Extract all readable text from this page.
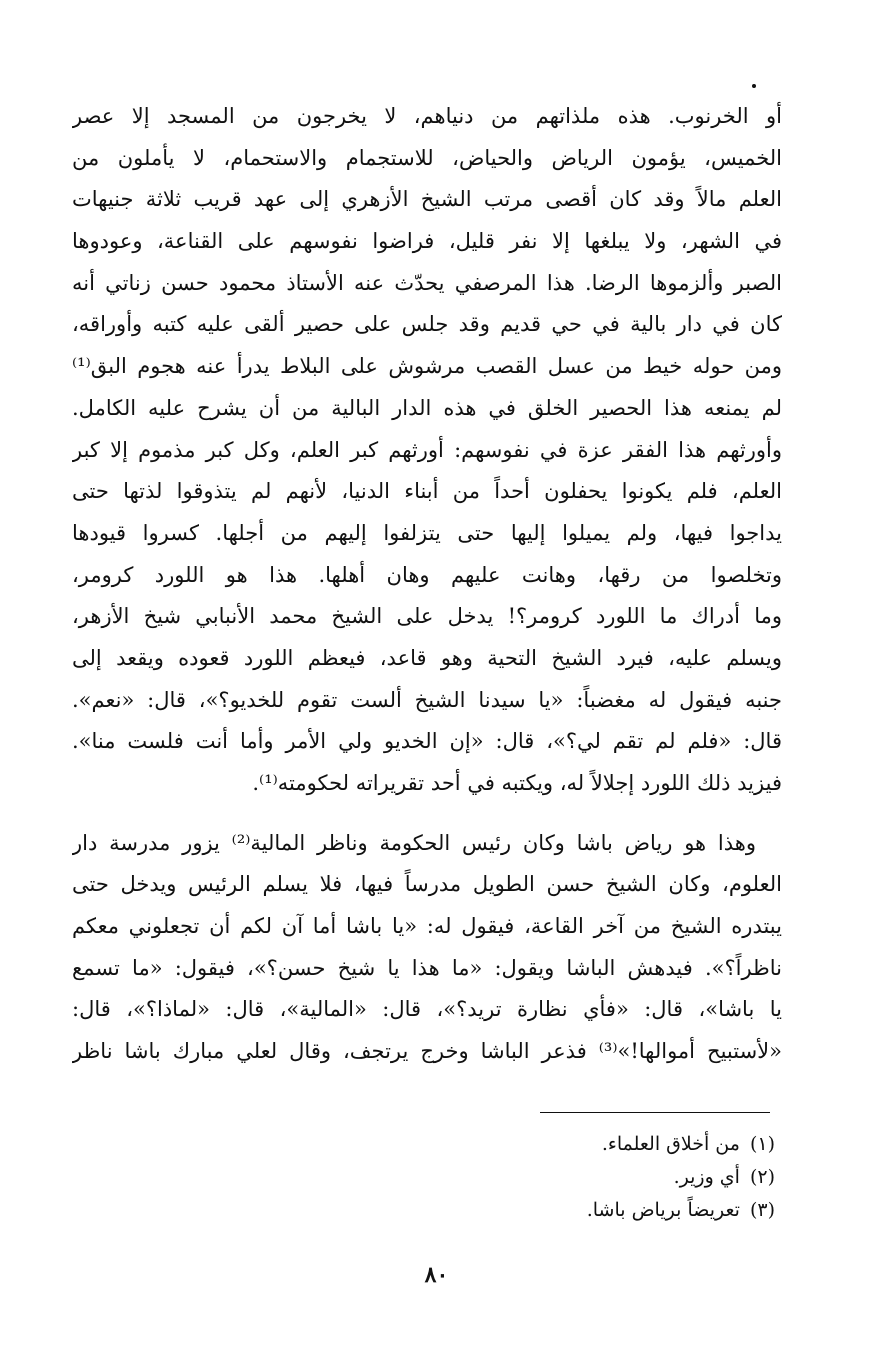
أو الخرنوب. هذه ملذاتهم من دنياهم، لا يخرجون من المسجد إلا عصر
الخميس، يؤمون الرياض والحياض، للاستجمام والاستحمام، لا يأملون من
العلم مالاً وقد كان أقصى مرتب الشيخ الأزهري إلى عهد قريب ثلاثة جنيهات
في الشهر، ولا يبلغها إلا نفر قليل، فراضوا نفوسهم على القناعة، وعودوها
الصبر وألزموها الرضا. هذا المرصفي يحدّث عنه الأستاذ محمود حسن زناتي أنه
كان في دار بالية في حي قديم وقد جلس على حصير ألقى عليه كتبه وأوراقه،
ومن حوله خيط من عسل القصب مرشوش على البلاط يدرأ عنه هجوم البق⁽¹⁾
لم يمنعه هذا الحصير الخلق في هذه الدار البالية من أن يشرح عليه الكامل.
وأورثهم هذا الفقر عزة في نفوسهم: أورثهم كبر العلم، وكل كبر مذموم إلا كبر
العلم، فلم يكونوا يحفلون أحداً من أبناء الدنيا، لأنهم لم يتذوقوا لذتها حتى
يداجوا فيها، ولم يميلوا إليها حتى يتزلفوا إليهم من أجلها. كسروا قيودها
وتخلصوا من رقها، وهانت عليهم وهان أهلها. هذا هو اللورد كرومر،
وما أدراك ما اللورد كرومر؟! يدخل على الشيخ محمد الأنبابي شيخ الأزهر،
ويسلم عليه، فيرد الشيخ التحية وهو قاعد، فيعظم اللورد قعوده ويقعد إلى
جنبه فيقول له مغضباً: «يا سيدنا الشيخ ألست تقوم للخديو؟»، قال: «نعم».
قال: «فلم لم تقم لي؟»، قال: «إن الخديو ولي الأمر وأما أنت فلست منا».
فيزيد ذلك اللورد إجلالاً له، ويكتبه في أحد تقريراته لحكومته⁽¹⁾.
وهذا هو رياض باشا وكان رئيس الحكومة وناظر المالية⁽²⁾ يزور مدرسة دار
العلوم، وكان الشيخ حسن الطويل مدرساً فيها، فلا يسلم الرئيس ويدخل حتى
يبتدره الشيخ من آخر القاعة، فيقول له: «يا باشا أما آن لكم أن تجعلوني معكم
ناظراً؟». فيدهش الباشا ويقول: «ما هذا يا شيخ حسن؟»، فيقول: «ما تسمع
يا باشا»، قال: «فأي نظارة تريد؟»، قال: «المالية»، قال: «لماذا؟»، قال:
«لأستبيح أموالها!»⁽³⁾ فذعر الباشا وخرج يرتجف، وقال لعلي مبارك باشا ناظر
(١)من أخلاق العلماء.
(٢)أي وزير.
(٣)تعريضاً برياض باشا.
٨٠
